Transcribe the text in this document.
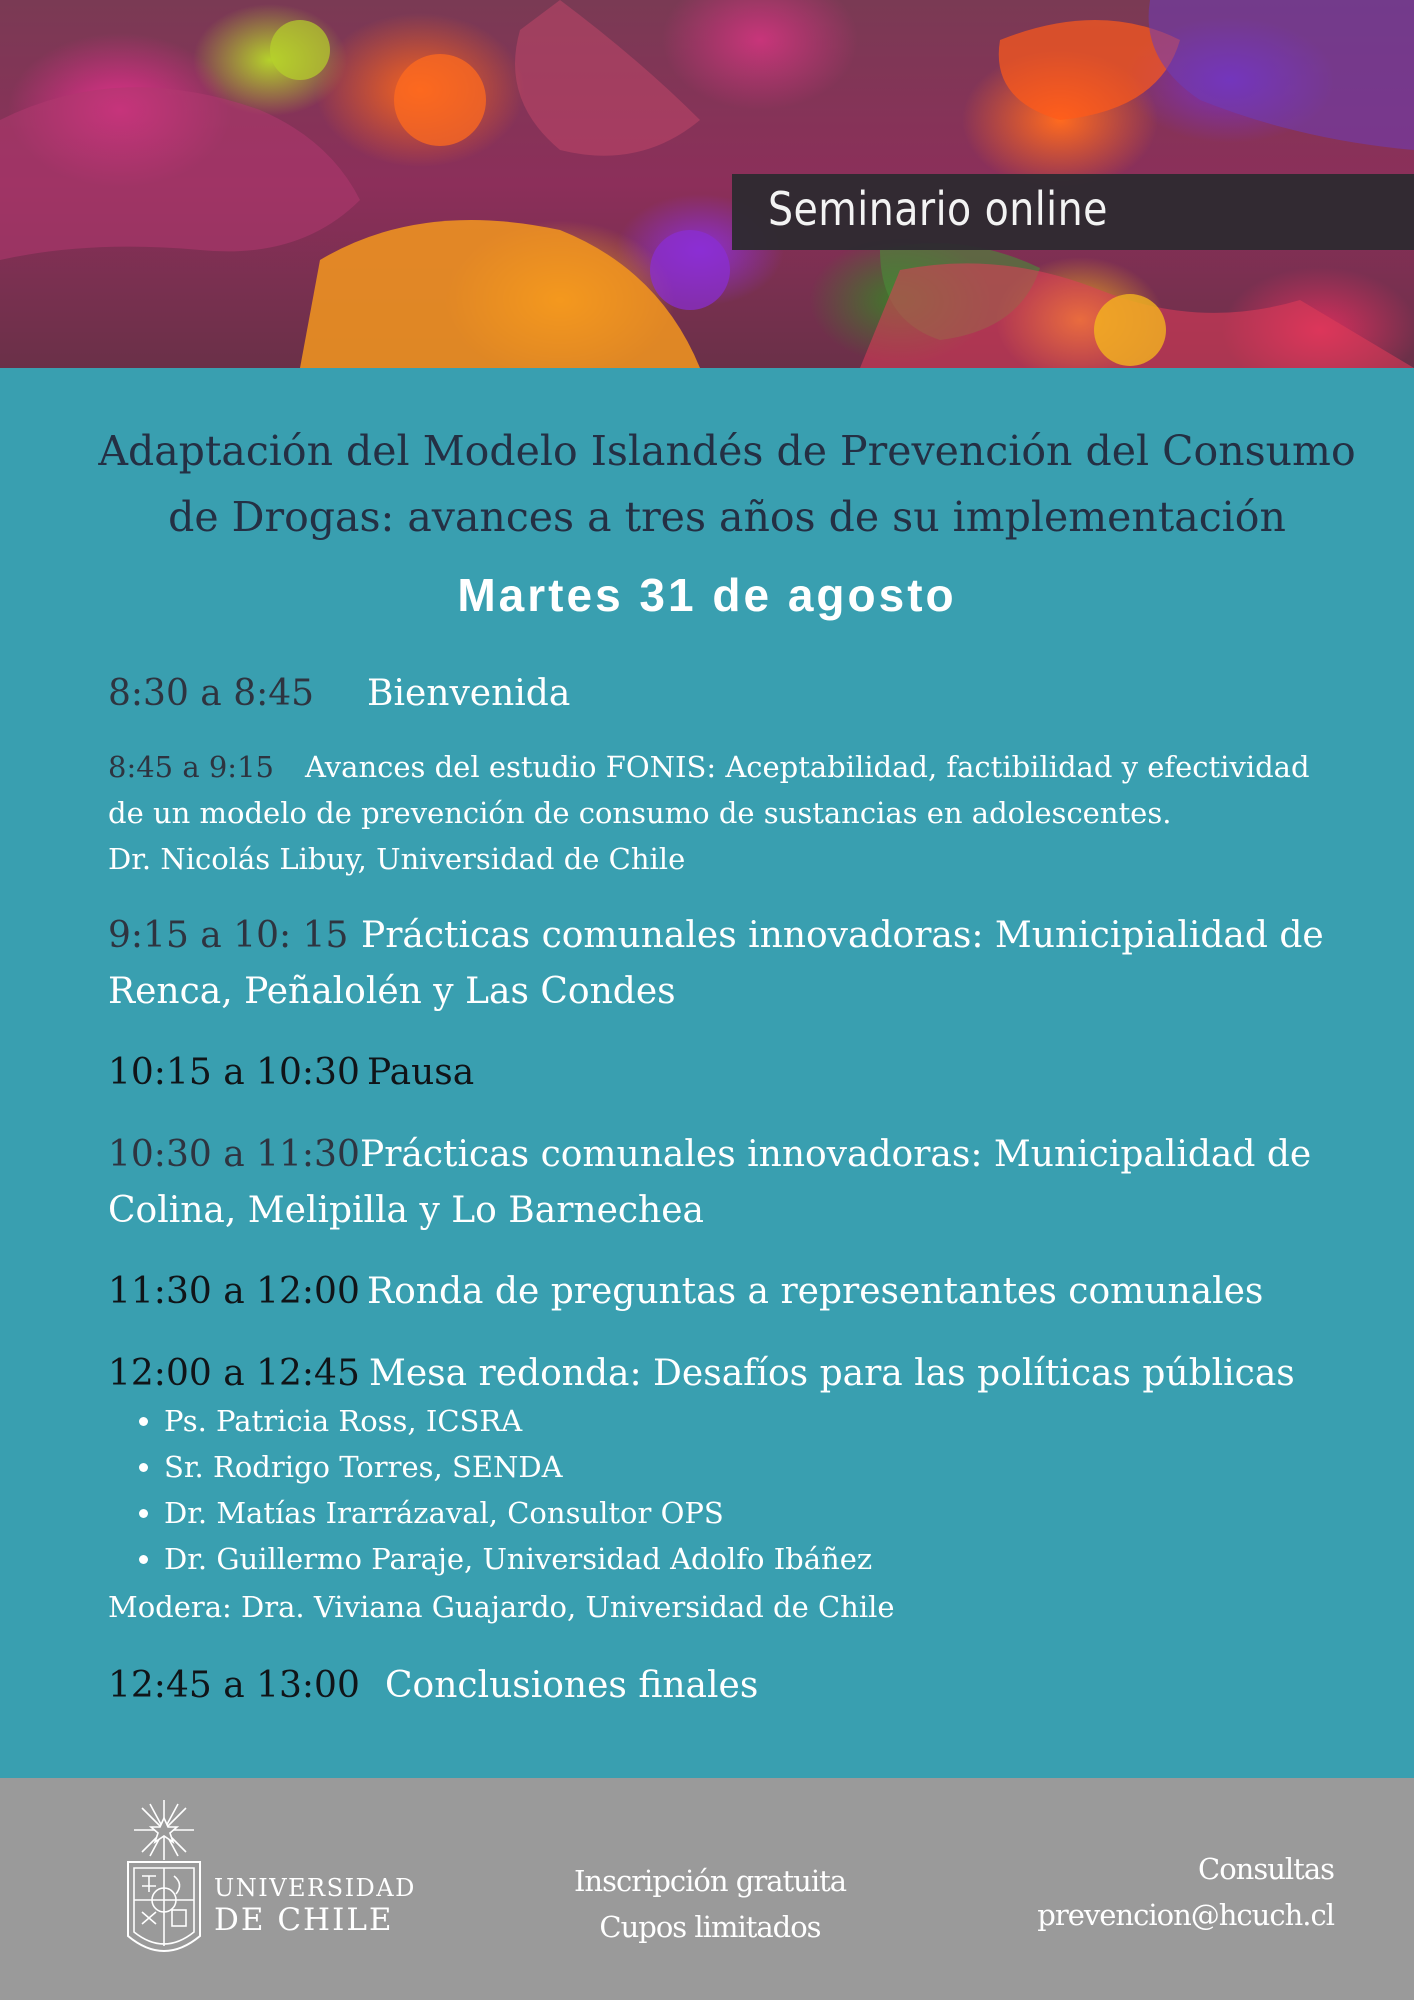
Seminario online
Adaptación del Modelo Islandés de Prevención del Consumo
de Drogas: avances a tres años de su implementación
Martes 31 de agosto
8:30 a 8:45 Bienvenida
8:45 a 9:15 Avances del estudio FONIS: Aceptabilidad, factibilidad y efectividad
de un modelo de prevención de consumo de sustancias en adolescentes.
Dr. Nicolás Libuy, Universidad de Chile
9:15 a 10: 15 Prácticas comunales innovadoras: Municipialidad de
Renca, Peñalolén y Las Condes
10:15 a 10:30 Pausa
10:30 a 11:30Prácticas comunales innovadoras: Municipalidad de
Colina, Melipilla y Lo Barnechea
11:30 a 12:00 Ronda de preguntas a representantes comunales
12:00 a 12:45 Mesa redonda: Desafíos para las políticas públicas
• Ps. Patricia Ross, ICSRA
• Sr. Rodrigo Torres, SENDA
• Dr. Matías Irarrázaval, Consultor OPS
• Dr. Guillermo Paraje, Universidad Adolfo Ibáñez
Modera: Dra. Viviana Guajardo, Universidad de Chile
12:45 a 13:00 Conclusiones finales
UNIVERSIDAD
DE CHILE
Inscripción gratuita
Cupos limitados
Consultas
prevencion@hcuch.cl
